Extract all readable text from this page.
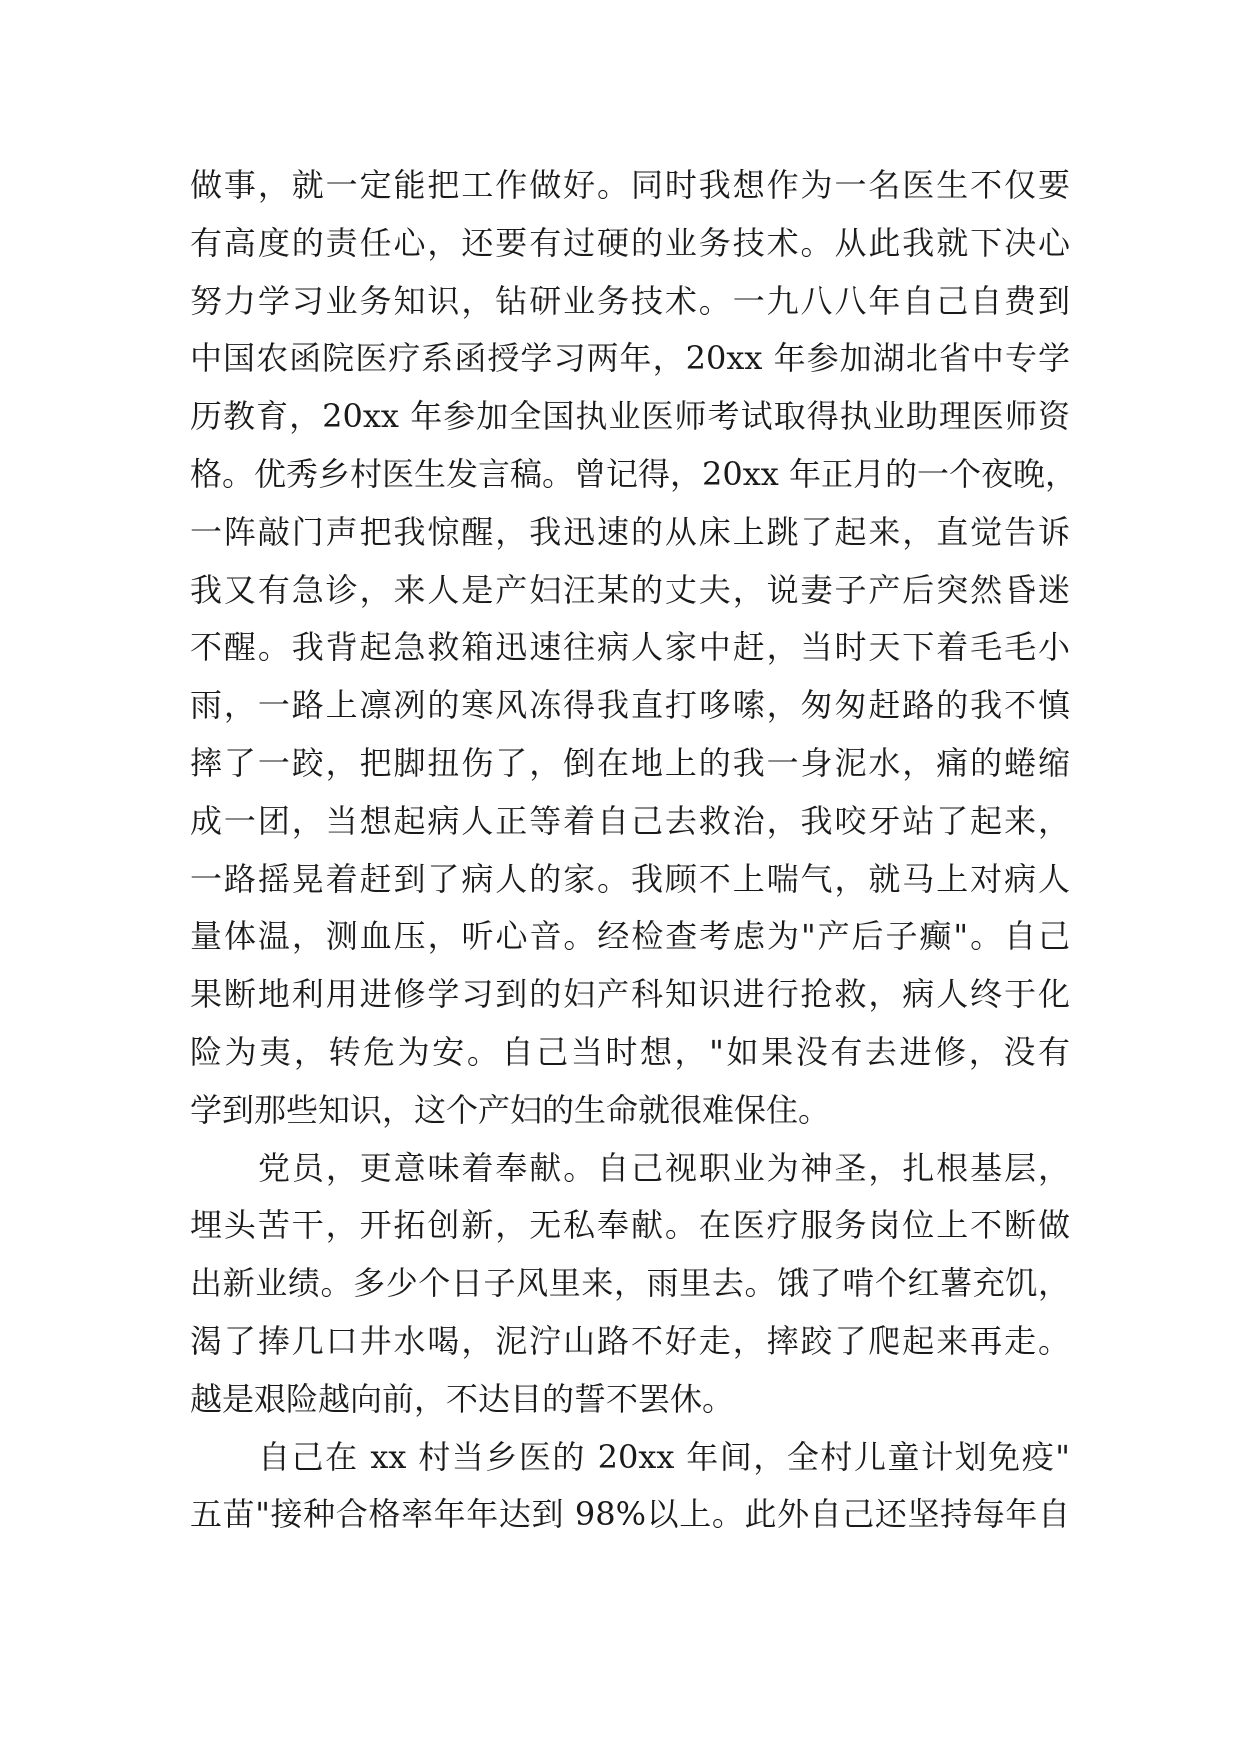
做事，就一定能把工作做好。同时我想作为一名医生不仅要
有高度的责任心，还要有过硬的业务技术。从此我就下决心
努力学习业务知识，钻研业务技术。一九八八年自己自费到
中国农函院医疗系函授学习两年，20xx 年参加湖北省中专学
历教育，20xx 年参加全国执业医师考试取得执业助理医师资
格。优秀乡村医生发言稿。曾记得，20xx 年正月的一个夜晚，
一阵敲门声把我惊醒，我迅速的从床上跳了起来，直觉告诉
我又有急诊，来人是产妇汪某的丈夫，说妻子产后突然昏迷
不醒。我背起急救箱迅速往病人家中赶，当时天下着毛毛小
雨，一路上凛冽的寒风冻得我直打哆嗦，匆匆赶路的我不慎
摔了一跤，把脚扭伤了，倒在地上的我一身泥水，痛的蜷缩
成一团，当想起病人正等着自己去救治，我咬牙站了起来，
一路摇晃着赶到了病人的家。我顾不上喘气，就马上对病人
量体温，测血压，听心音。经检查考虑为"产后子癫"。自己
果断地利用进修学习到的妇产科知识进行抢救，病人终于化
险为夷，转危为安。自己当时想，"如果没有去进修，没有
学到那些知识，这个产妇的生命就很难保住。
党员，更意味着奉献。自己视职业为神圣，扎根基层，
埋头苦干，开拓创新，无私奉献。在医疗服务岗位上不断做
出新业绩。多少个日子风里来，雨里去。饿了啃个红薯充饥，
渴了捧几口井水喝，泥泞山路不好走，摔跤了爬起来再走。
越是艰险越向前，不达目的誓不罢休。
自己在 xx 村当乡医的 20xx 年间，全村儿童计划免疫"
五苗"接种合格率年年达到 98%以上。此外自己还坚持每年自
